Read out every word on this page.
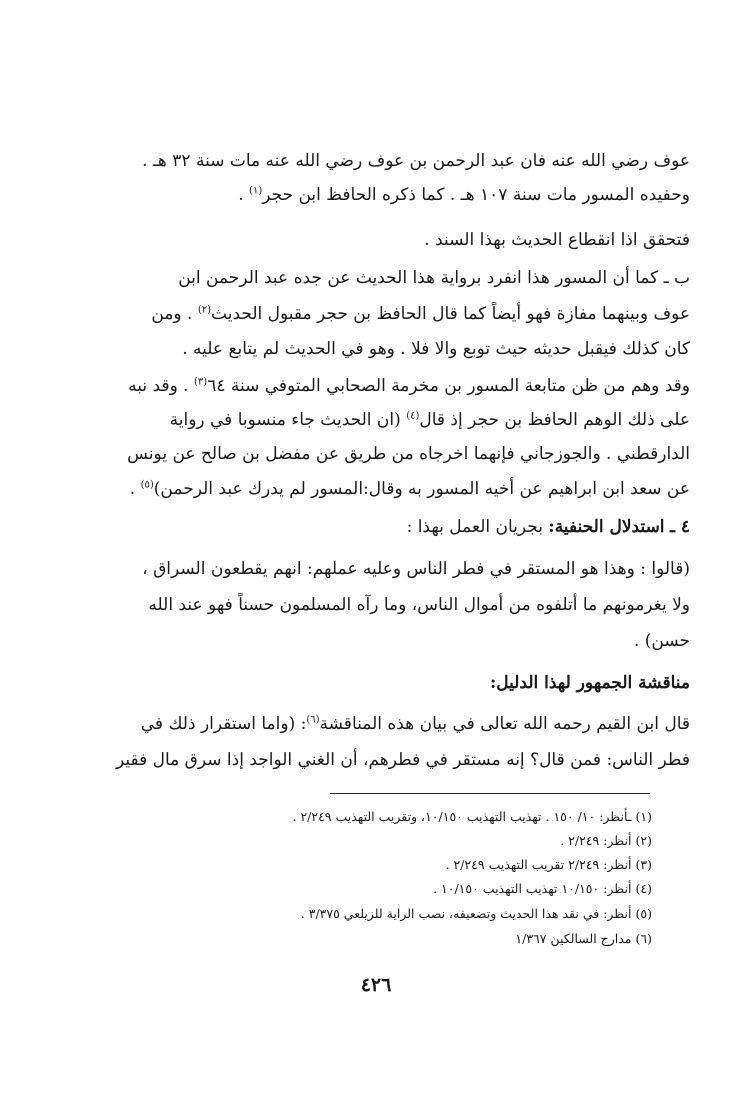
عوف رضي الله عنه فان عبد الرحمن بن عوف رضي الله عنه مات سنة ٣٢ هـ .
وحفيده المسور مات سنة ١٠٧ هـ . كما ذكره الحافظ ابن حجر$^{(١)}$ .
فتحقق اذا انقطاع الحديث بهذا السند .
ب ـ كما أن المسور هذا انفرد برواية هذا الحديث عن جده عبد الرحمن ابن
عوف وبينهما مفازة فهو أيضاً كما قال الحافظ بن حجر مقبول الحديث$^{(٢)}$ . ومن
كان كذلك فيقبل حديثه حيث توبع والا فلا . وهو في الحديث لم يتابع عليه .
وقد وهم من ظن متابعة المسور بن مخرمة الصحابي المتوفي سنة ٦٤$^{(٣)}$ . وقد نبه
على ذلك الوهم الحافظ بن حجر إذ قال$^{(٤)}$ (ان الحديث جاء منسوبا في رواية
الدارقطني . والجوزجاني فإنهما اخرجاه من طريق عن مفضل بن صالح عن يونس
عن سعد ابن ابراهيم عن أخيه المسور به وقال:المسور لم يدرك عبد الرحمن)$^{(٥)}$ .
٤ ـ استدلال الحنفية: بجريان العمل بهذا :
(قالوا : وهذا هو المستقر في فطر الناس وعليه عملهم: انهم يقطعون السراق ،
ولا يغرمونهم ما أتلفوه من أموال الناس، وما رآه المسلمون حسناً فهو عند الله
حسن) .
مناقشة الجمهور لهذا الدليل:
قال ابن القيم رحمه الله تعالى في بيان هذه المناقشة$^{(٦)}$: (واما استقرار ذلك في
فطر الناس: فمن قال؟ إنه مستقر في فطرهم، أن الغني الواجد إذا سرق مال فقير
(١) ـأنظر: ١٠/ ١٥٠ . تهذيب التهذيب ١٠/١٥٠، وتقريب التهذيب ٢/٢٤٩ .
(٢) أنظر: ٢/٢٤٩ .
(٣) أنظر: ٢/٢٤٩ تقريب التهذيب ٢/٢٤٩ .
(٤) أنظر: ١٠/١٥٠ تهذيب التهذيب ١٠/١٥٠ .
(٥) أنظر: في نقد هذا الحديث وتضعيفه، نصب الراية للزيلعي ٣/٣٧٥ .
(٦) مدارج السالكين ١/٣٦٧
٤٢٦
